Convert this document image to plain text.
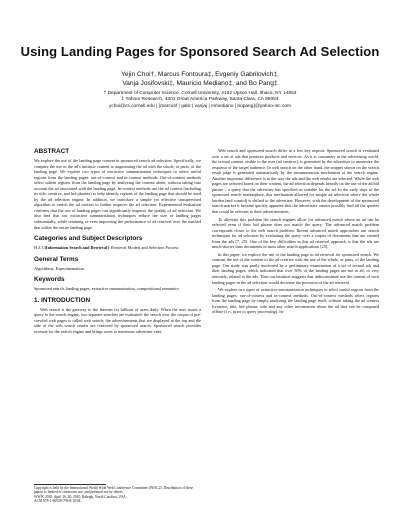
Using Landing Pages for Sponsored Search Ad Selection
Yejin Choi†, Marcus Fontoura‡, Evgeniy Gabrilovich‡,
Vanja Josifovski‡, Mauricio Mediano‡, and Bo Pang‡
† Department of Computer Science, Cornell University, 4162 Upson Hall, Ithaca, NY 14853
‡ Yahoo! Research, 4301 Great America Parkway, Santa Clara, CA 95054
ychoi@cs.cornell.edu | {marcusf | gabr | vanjaj | mmediano | bopang}@yahoo-inc.com
ABSTRACT

We explore the use of the landing page content in sponsored search ad selection. Specifically, we compare the use of the ad's intrinsic content to augmenting the ad with the whole, or parts, of the landing page. We explore two types of extractive summarization techniques to select useful regions from the landing pages: out-of-context and in-context methods. Out-of-context methods select salient regions from the landing page by analyzing the content alone, without taking into account the ad associated with the landing page. In-context methods use the ad context (including its title, creative, and bid phrases) to help identify regions of the landing page that should be used by the ad selection engine. In addition, we introduce a simple yet effective unsupervised algorithm to enrich the ad context to further improve the ad selection. Experimental evaluation confirms that the use of landing pages can significantly improve the quality of ad selection. We also find that our extractive summarization techniques reduce the size of landing pages substantially, while retaining or even improving the performance of ad retrieval over the method that utilize the entire landing page.

Categories and Subject Descriptors

H.3.3 [Information Search and Retrieval]: Retrieval Models and Selection Process

General Terms

Algorithms, Experimentation

Keywords

Sponsored search, landing pages, extractive summarization, compositional semantics

1. INTRODUCTION

Web search is the gateway to the Internet for billions of users daily. When the user issues a query to the search engine, two separate searches are evaluated: the search over the corpus of pre-crawled web pages is called web search; the advertisements that are displayed at the top and the side of the web search results are retrieved by sponsored search. Sponsored search provides revenue for the search engine and brings users to numerous advertiser sites.

Copyright is held by the International World Wide Web Conference Committee (IW3C2). Distribution of these papers is limited to classroom use, and personal use by others.
WWW 2010, April 26–30, 2010, Raleigh, North Carolina, USA.
ACM 978-1-60558-799-8/10/04.

Web search and sponsored search differ in a few key aspects. Sponsored search is evaluated over a set of ads that promote products and services. As it is customary in the advertising world, the textual content visible to the user (ad creative), is generated by the advertiser to maximize the response of the target audience. In web search on the other hand, the snippet shown on the search result page is generated automatically by the summarization mechanism of the search engine. Another important difference is in the way the ads and the web results are selected. While the web pages are selected based on their content, the ad selection depends heavily on the use of the ad bid phrase – a query that the advertiser has specified as suitable for the ad. In the early days of the sponsored search marketplace, this mechanism allowed for simple ad selection where the whole burden (and control) is shifted to the advertiser. However, with the development of the sponsored search market it became quickly apparent that the advertisers cannot possibly find all the queries that could be relevant to their advertisements.

To alleviate this problem the search engines allow for advanced match where an ad can be selected even if their bid phrase does not match the query. The advanced match problem corresponds closer to the web search problem. Recent advanced match approaches use search techniques for ad selection by evaluating the query over a corpus of documents that are created from the ads [7, 25]. One of the key difficulties in this ad retrieval approach is that the ads are much shorter than documents in most other search applications [25].

In this paper, we explore the use of the landing page in ad retrieval for sponsored search. We contrast the use of the content of the ad creative with the use of the whole, or parts, of the landing page. Our study was partly motivated by a preliminary examination of a set of textual ads and their landing pages, which indicated that over 50% of the landing pages are not at all, or very remotely, related to the ads. Thus our intuition suggests that indiscriminate use the content of such landing pages in the ad selection would decrease the precision of the ad retrieval.

We explore two types of extractive summarization techniques to select useful regions from the landing pages: out-of-context and in-context methods. Out-of-context methods select regions from the landing page by simply analyzing the landing page itself, without taking the ad context (creative, title, bid phrase, title and any other information about the ad that can be computed offline (i.e., prior to query processing). In-
